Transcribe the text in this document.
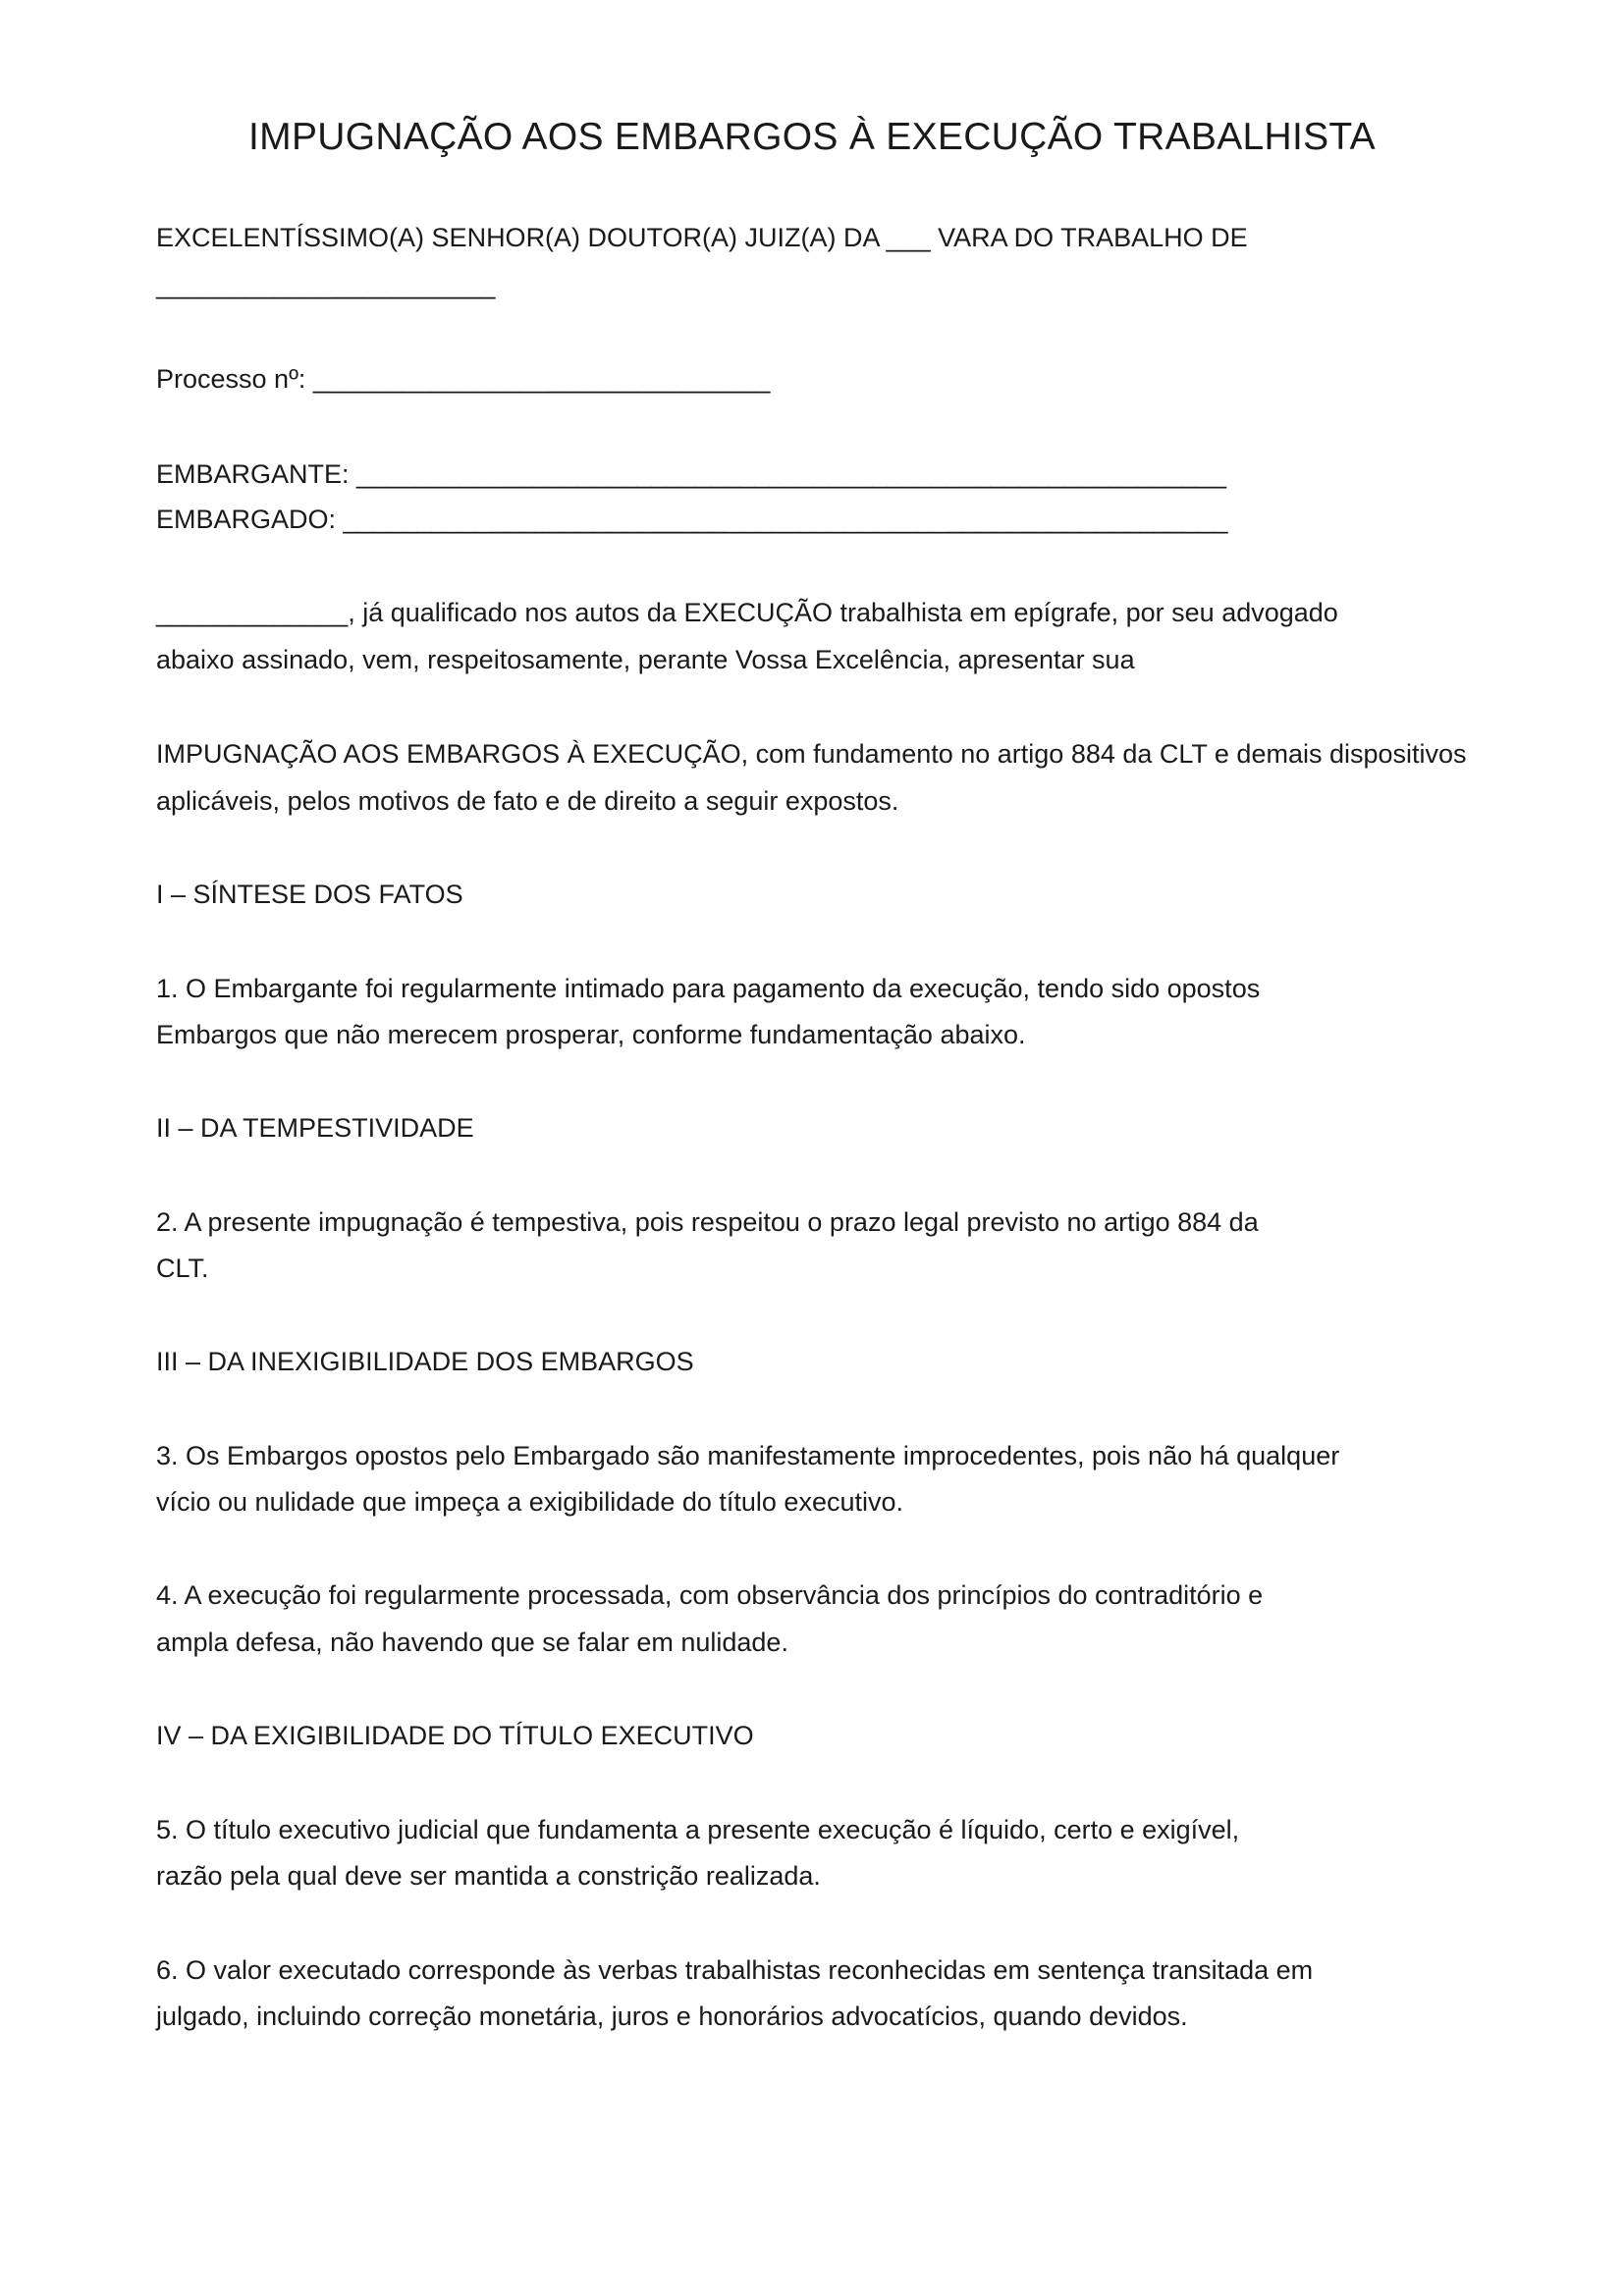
IMPUGNAÇÃO AOS EMBARGOS À EXECUÇÃO TRABALHISTA
EXCELENTÍSSIMO(A) SENHOR(A) DOUTOR(A) JUIZ(A) DA ___ VARA DO TRABALHO DE
_______________________
Processo nº: _______________________________
EMBARGANTE: ___________________________________________________________
EMBARGADO: ____________________________________________________________
_____________, já qualificado nos autos da EXECUÇÃO trabalhista em epígrafe, por seu advogado
abaixo assinado, vem, respeitosamente, perante Vossa Excelência, apresentar sua
IMPUGNAÇÃO AOS EMBARGOS À EXECUÇÃO, com fundamento no artigo 884 da CLT e demais dispositivos
aplicáveis, pelos motivos de fato e de direito a seguir expostos.
I – SÍNTESE DOS FATOS
1. O Embargante foi regularmente intimado para pagamento da execução, tendo sido opostos
Embargos que não merecem prosperar, conforme fundamentação abaixo.
II – DA TEMPESTIVIDADE
2. A presente impugnação é tempestiva, pois respeitou o prazo legal previsto no artigo 884 da
CLT.
III – DA INEXIGIBILIDADE DOS EMBARGOS
3. Os Embargos opostos pelo Embargado são manifestamente improcedentes, pois não há qualquer
vício ou nulidade que impeça a exigibilidade do título executivo.
4. A execução foi regularmente processada, com observância dos princípios do contraditório e
ampla defesa, não havendo que se falar em nulidade.
IV – DA EXIGIBILIDADE DO TÍTULO EXECUTIVO
5. O título executivo judicial que fundamenta a presente execução é líquido, certo e exigível,
razão pela qual deve ser mantida a constrição realizada.
6. O valor executado corresponde às verbas trabalhistas reconhecidas em sentença transitada em
julgado, incluindo correção monetária, juros e honorários advocatícios, quando devidos.
